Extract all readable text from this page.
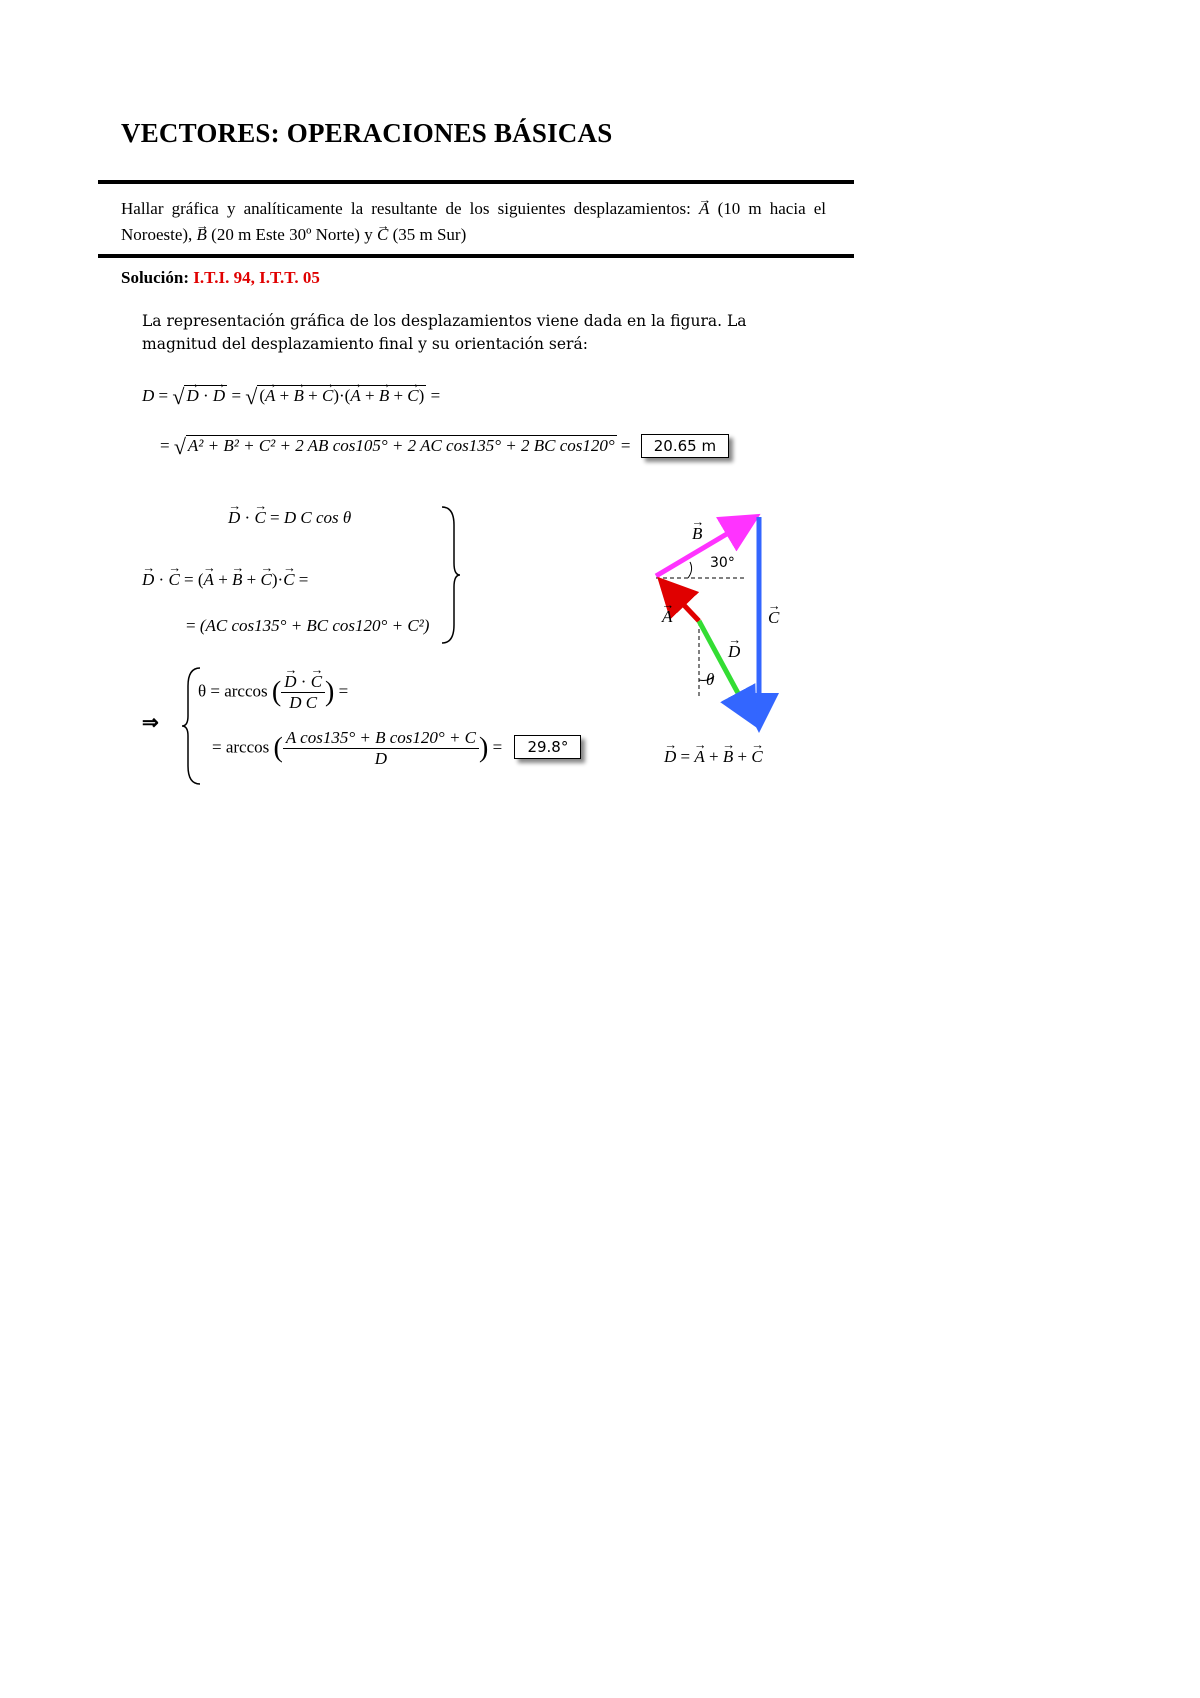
VECTORES: OPERACIONES BÁSICAS
Hallar gráfica y analíticamente la resultante de los siguientes desplazamientos: → A (10 m hacia el Noroeste), → B (20 m Este 30º Norte) y → C (35 m Sur)
Solución: I.T.I. 94, I.T.T. 05
La representación gráfica de los desplazamientos viene dada en la figura. La magnitud del desplazamiento final y su orientación será:
D = √ → D · → D = √ (→ A + → B + → C)·(→ A + → B + → C) =
= √ A² + B² + C² + 2 AB cos105° + 2 AC cos135° + 2 BC cos120° = 20.65 m
→ D · → C = D C cos θ
→ D · → C = (→ A + → B + → C)·→ C =
= (AC cos135° + BC cos120° + C²)
⇒
θ = arccos ( → $\frac{D \cdot \to C}{\text{D C}}$ ) =
= arccos ( $\frac{\text{A cos135° + B cos120° + C}}{D}$ ) = 29.8°
→ B
30°
→ C
→ A
→ D
θ
→ D = → A + → B + → C
